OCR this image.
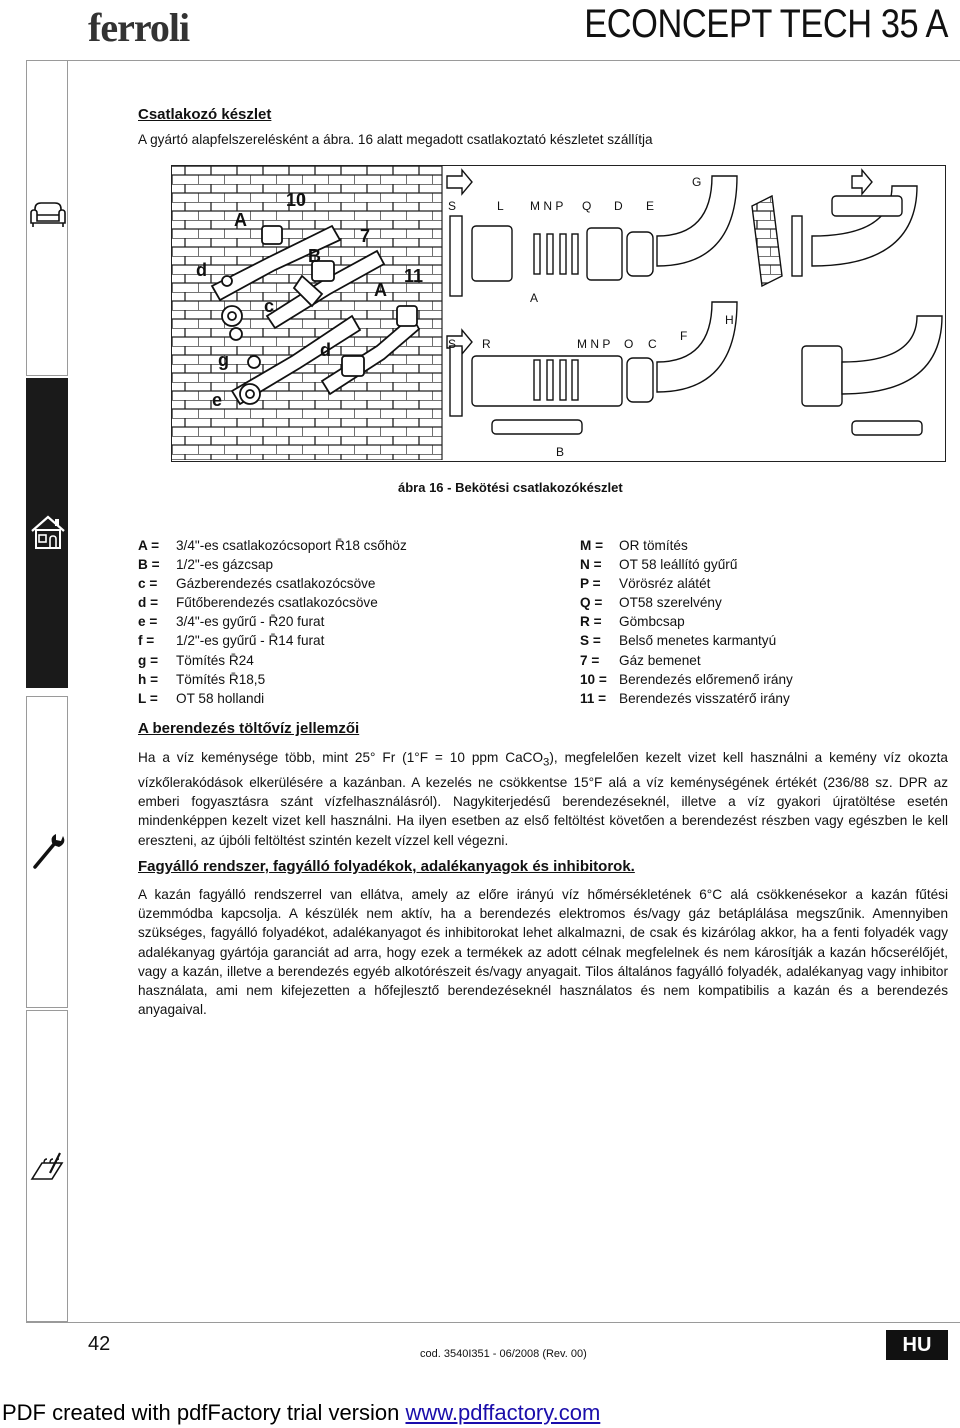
ferroli	ECONCEPT TECH 35 A
Csatlakozó készlet
A gyártó alapfelszerelésként a ábra. 16 alatt megadott csatlakoztató készletet szállítja
10
A
7
B
d	11
A
c
d
g
e
S	L M N P Q D E
G
A
S R	M N P O C
F
H
B
ábra 16 - Bekötési csatlakozókészlet
A = 3/4"-es csatlakozócsoport R̄18 csőhöz
B = 1/2"-es gázcsap
c = Gázberendezés csatlakozócsöve
d = Fűtőberendezés csatlakozócsöve
e = 3/4"-es gyűrű - R̄20 furat
f = 1/2"-es gyűrű - R̄14 furat
g = Tömítés R̄24
h = Tömítés R̄18,5
L = OT 58 hollandi
M = OR tömítés
N = OT 58 leállító gyűrű
P = Vörösréz alátét
Q = OT58 szerelvény
R = Gömbcsap
S = Belső menetes karmantyú
7 = Gáz bemenet
10 = Berendezés előremenő irány
11 = Berendezés visszatérő irány
A berendezés töltővíz jellemzői
Ha a víz keménysége több, mint 25° Fr (1°F = 10 ppm CaCO$_3$), megfelelően kezelt vizet kell használni a kemény víz okozta vízkőlerakódások elkerülésére a kazánban. A kezelés ne csökkentse 15°F alá a víz keménységének értékét (236/88 sz. DPR az emberi fogyasztásra szánt vízfelhasználásról). Nagykiterjedésű berendezéseknél, illetve a víz gyakori újratöltése esetén mindenképpen kezelt vizet kell használni. Ha ilyen esetben az első feltöltést követően a berendezést részben vagy egészben le kell ereszteni, az újbóli feltöltést szintén kezelt vízzel kell végezni.
Fagyálló rendszer, fagyálló folyadékok, adalékanyagok és inhibitorok.
A kazán fagyálló rendszerrel van ellátva, amely az előre irányú víz hőmérsékletének 6°C alá csökkenésekor a kazán fűtési üzemmódba kapcsolja. A készülék nem aktív, ha a berendezés elektromos és/vagy gáz betáplálása megszűnik. Amennyiben szükséges, fagyálló folyadékot, adalékanyagot és inhibitorokat lehet alkalmazni, de csak és kizárólag akkor, ha a fenti folyadék vagy adalékanyag gyártója garanciát ad arra, hogy ezek a termékek az adott célnak megfelelnek és nem károsítják a kazán hőcserélőjét, vagy a kazán, illetve a berendezés egyéb alkotórészeit és/vagy anyagait. Tilos általános fagyálló folyadék, adalékanyag vagy inhibitor használata, ami nem kifejezetten a hőfejlesztő berendezéseknél használatos és nem kompatibilis a kazán és a berendezés anyagaival.
42	cod. 3540I351 - 06/2008 (Rev. 00)	HU
PDF created with pdfFactory trial version www.pdffactory.com
